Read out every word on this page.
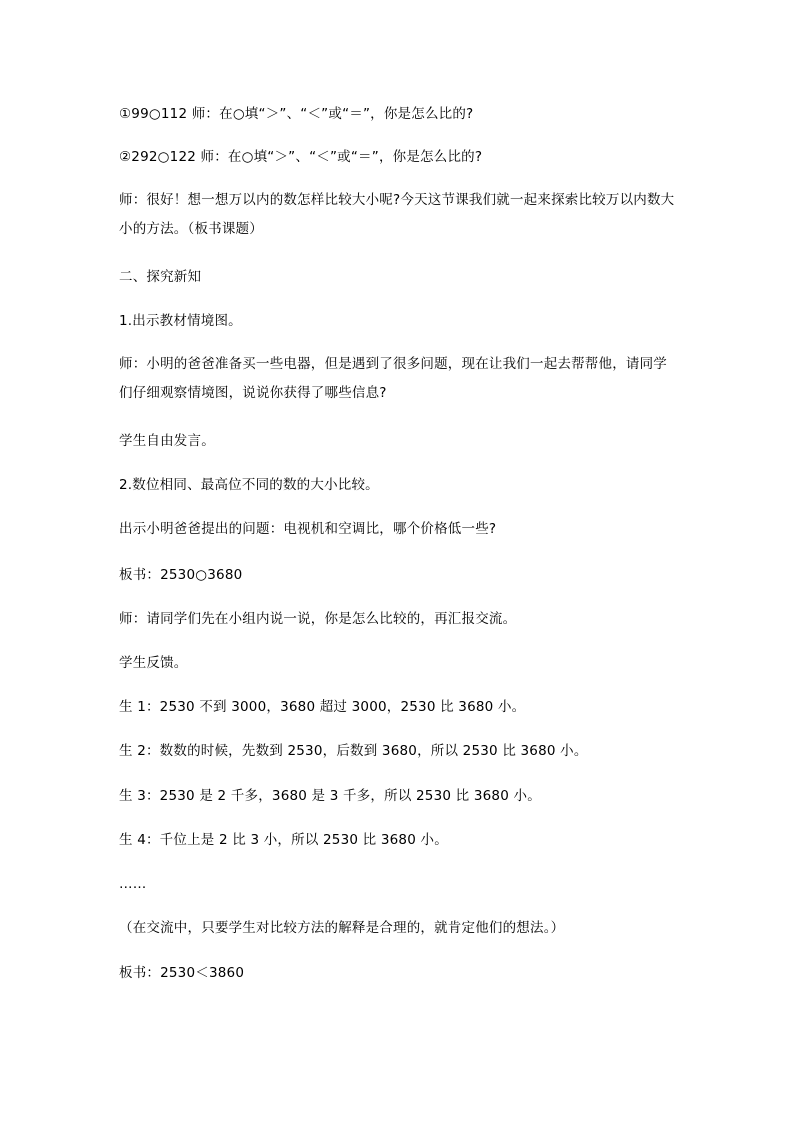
①99○112 师：在○填“＞”、“＜”或“＝”，你是怎么比的?
②292○122 师：在○填“＞”、“＜”或“＝”，你是怎么比的?
师：很好！想一想万以内的数怎样比较大小呢?今天这节课我们就一起来探索比较万以内数大小的方法。（板书课题）
二、探究新知
1.出示教材情境图。
师：小明的爸爸准备买一些电器，但是遇到了很多问题，现在让我们一起去帮帮他，请同学们仔细观察情境图，说说你获得了哪些信息?
学生自由发言。
2.数位相同、最高位不同的数的大小比较。
出示小明爸爸提出的问题：电视机和空调比，哪个价格低一些?
板书：2530○3680
师：请同学们先在小组内说一说，你是怎么比较的，再汇报交流。
学生反馈。
生 1：2530 不到 3000，3680 超过 3000，2530 比 3680 小。
生 2：数数的时候，先数到 2530，后数到 3680，所以 2530 比 3680 小。
生 3：2530 是 2 千多，3680 是 3 千多，所以 2530 比 3680 小。
生 4：千位上是 2 比 3 小，所以 2530 比 3680 小。
……
（在交流中，只要学生对比较方法的解释是合理的，就肯定他们的想法。）
板书：2530＜3860
